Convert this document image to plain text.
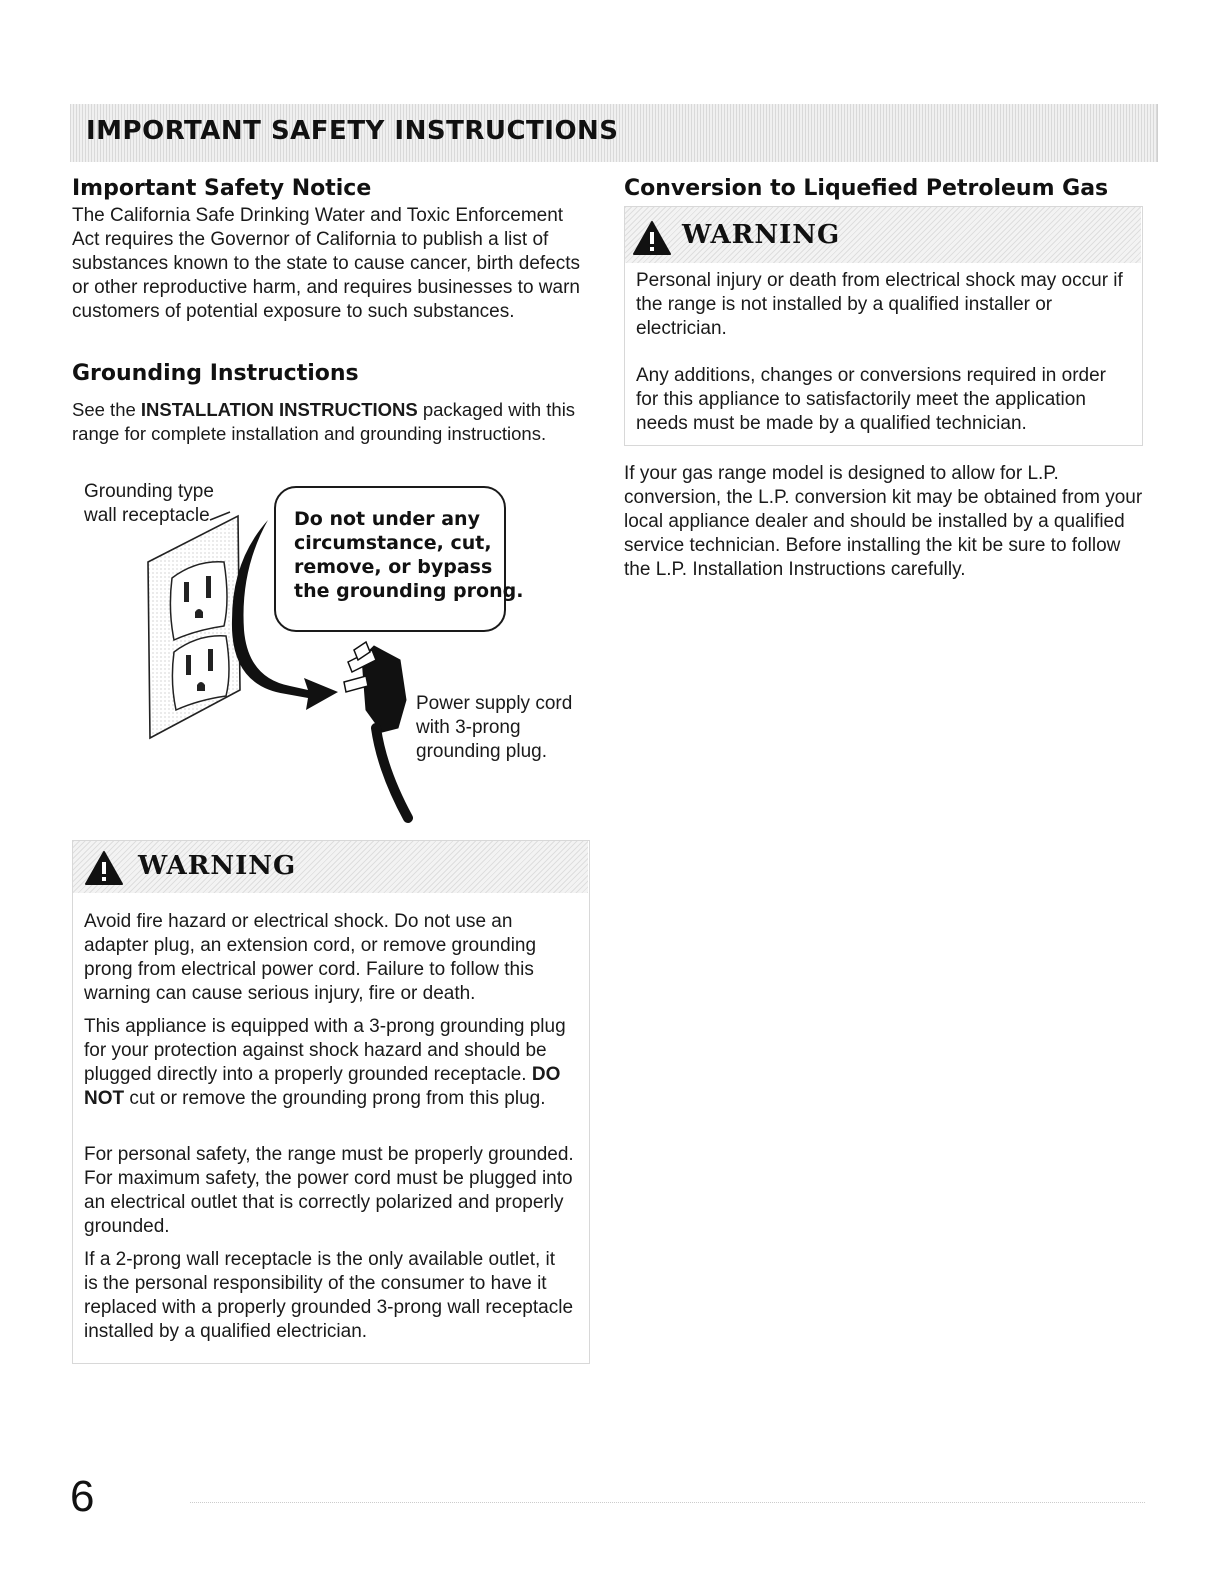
IMPORTANT SAFETY INSTRUCTIONS
Important Safety Notice
The California Safe Drinking Water and Toxic Enforcement Act requires the Governor of California to publish a list of substances known to the state to cause cancer, birth defects or other reproductive harm, and requires businesses to warn customers of potential exposure to such substances.
Grounding Instructions
See the INSTALLATION INSTRUCTIONS packaged with this range for complete installation and grounding instructions.
Grounding type
wall receptacle	Do not under any
circumstance, cut,
remove, or bypass
the grounding prong.
Power supply cord
with 3-prong
grounding plug.
WARNING
Avoid fire hazard or electrical shock. Do not use an adapter plug, an extension cord, or remove grounding prong from electrical power cord. Failure to follow this warning can cause serious injury, fire or death.
This appliance is equipped with a 3-prong grounding plug for your protection against shock hazard and should be plugged directly into a properly grounded receptacle. DO NOT cut or remove the grounding prong from this plug.
For personal safety, the range must be properly grounded. For maximum safety, the power cord must be plugged into an electrical outlet that is correctly polarized and properly grounded.
If a 2-prong wall receptacle is the only available outlet, it is the personal responsibility of the consumer to have it replaced with a properly grounded 3-prong wall receptacle installed by a qualified electrician.
Conversion to Liquefied Petroleum Gas
WARNING
Personal injury or death from electrical shock may occur if the range is not installed by a qualified installer or electrician.
Any additions, changes or conversions required in order for this appliance to satisfactorily meet the application needs must be made by a qualified technician.
If your gas range model is designed to allow for L.P. conversion, the L.P. conversion kit may be obtained from your local appliance dealer and should be installed by a qualified service technician. Before installing the kit be sure to follow the L.P. Installation Instructions carefully.
6
